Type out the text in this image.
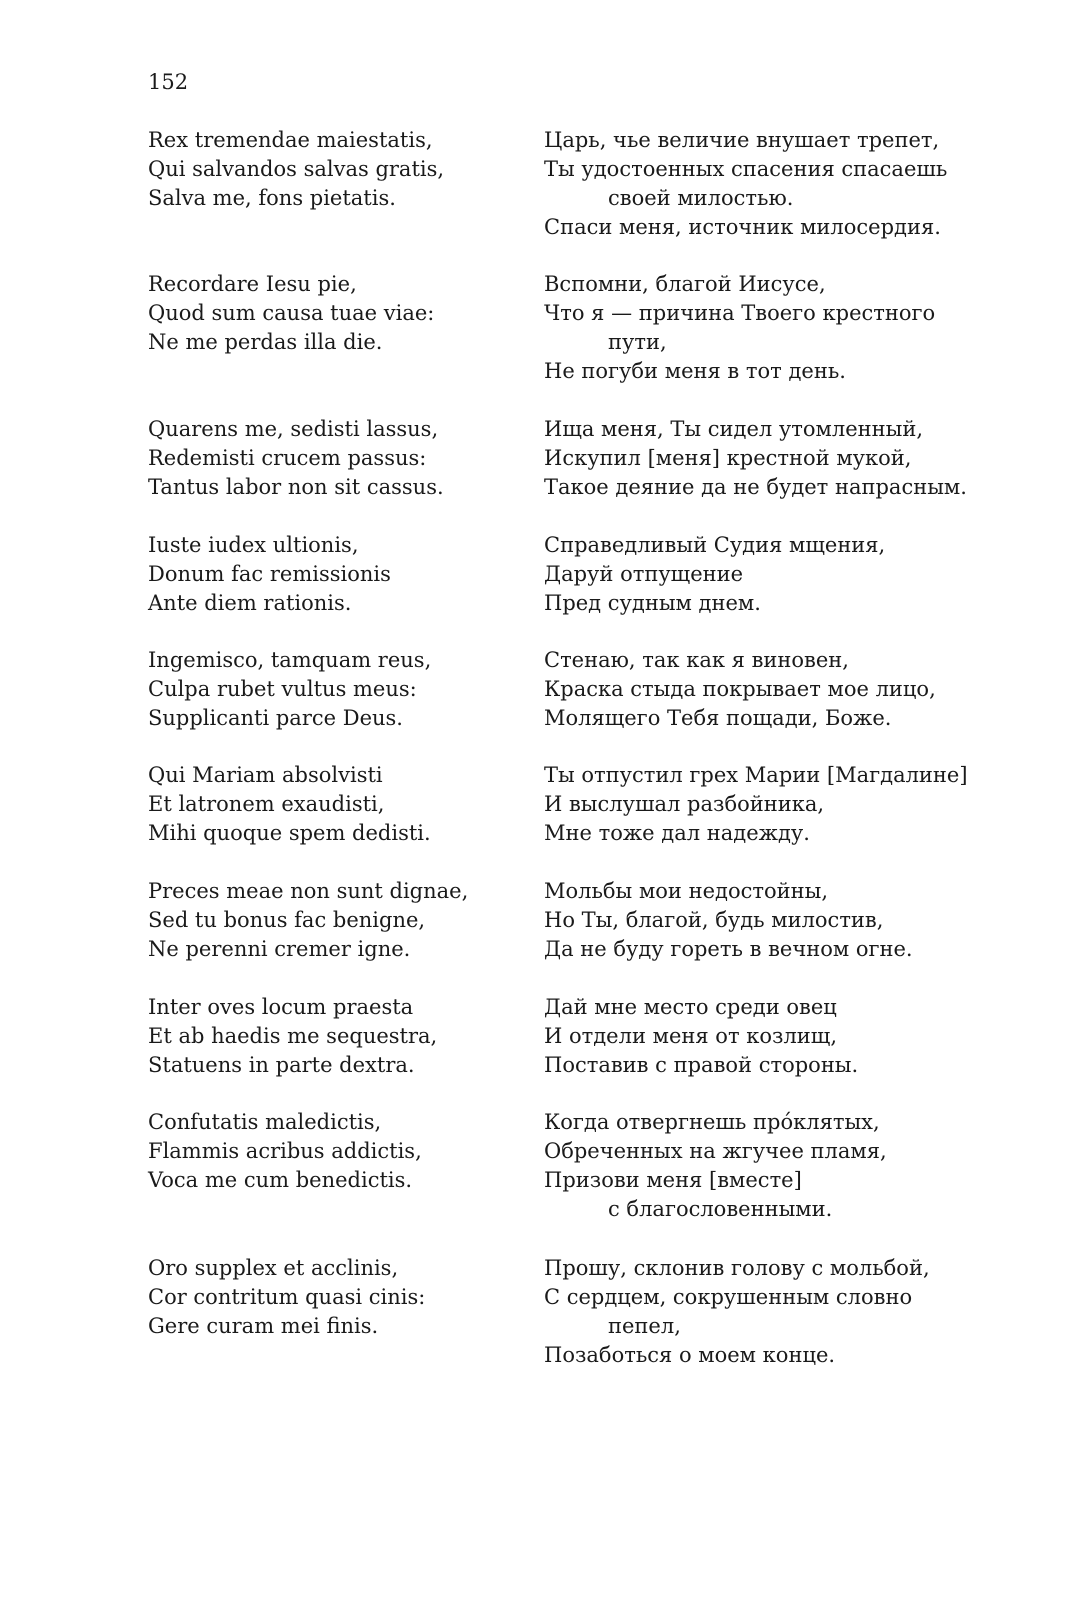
152
Rex tremendae maiestatis,
Qui salvandos salvas gratis,
Salva me, fons pietatis.
Царь, чье величие внушает трепет,
Ты удостоенных спасения спасаешь
своей милостью.
Спаси меня, источник милосердия.
Recordare Iesu pie,
Quod sum causa tuae viae:
Ne me perdas illa die.
Вспомни, благой Иисусе,
Что я — причина Твоего крестного
пути,
Не погуби меня в тот день.
Quarens me, sedisti lassus,
Redemisti crucem passus:
Tantus labor non sit cassus.
Ища меня, Ты сидел утомленный,
Искупил [меня] крестной мукой,
Такое деяние да не будет напрасным.
Iuste iudex ultionis,
Donum fac remissionis
Ante diem rationis.
Справедливый Судия мщения,
Даруй отпущение
Пред судным днем.
Ingemisco, tamquam reus,
Culpa rubet vultus meus:
Supplicanti parce Deus.
Стенаю, так как я виновен,
Краска стыда покрывает мое лицо,
Молящего Тебя пощади, Боже.
Qui Mariam absolvisti
Et latronem exaudisti,
Mihi quoque spem dedisti.
Ты отпустил грех Марии [Магдалине]
И выслушал разбойника,
Мне тоже дал надежду.
Preces meae non sunt dignae,
Sed tu bonus fac benigne,
Ne perenni cremer igne.
Мольбы мои недостойны,
Но Ты, благой, будь милостив,
Да не буду гореть в вечном огне.
Inter oves locum praesta
Et ab haedis me sequestra,
Statuens in parte dextra.
Дай мне место среди овец
И отдели меня от козлищ,
Поставив с правой стороны.
Confutatis maledictis,
Flammis acribus addictis,
Voca me cum benedictis.
Когда отвергнешь прóклятых,
Обреченных на жгучее пламя,
Призови меня [вместе]
с благословенными.
Oro supplex et acclinis,
Cor contritum quasi cinis:
Gere curam mei finis.
Прошу, склонив голову с мольбой,
С сердцем, сокрушенным словно
пепел,
Позаботься о моем конце.
